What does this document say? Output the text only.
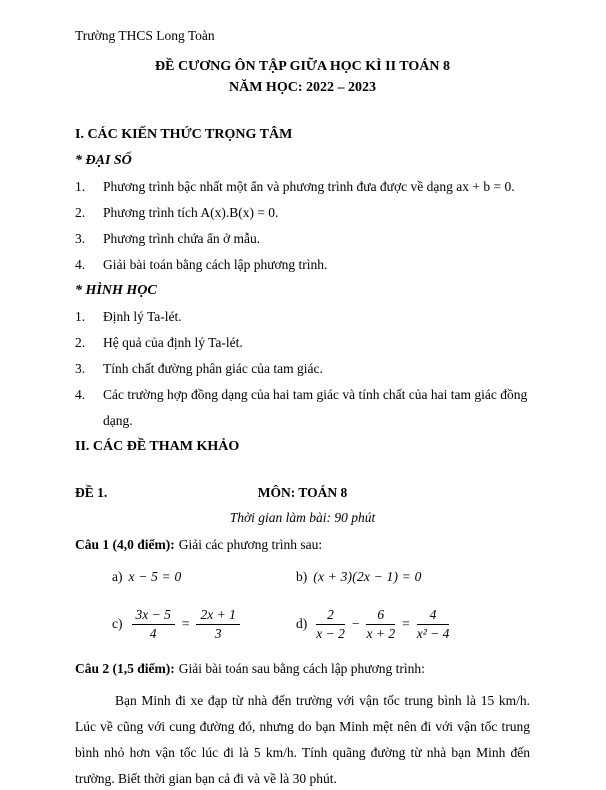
Trường THCS Long Toàn
ĐỀ CƯƠNG ÔN TẬP GIỮA HỌC KÌ II TOÁN 8
NĂM HỌC: 2022 – 2023
I. CÁC KIẾN THỨC TRỌNG TÂM
* ĐẠI SỐ
1.	Phương trình bậc nhất một ẩn và phương trình đưa được về dạng ax + b = 0.
2.	Phương trình tích A(x).B(x) = 0.
3.	Phương trình chứa ẩn ở mẫu.
4.	Giải bài toán bằng cách lập phương trình.
* HÌNH HỌC
1.	Định lý Ta-lét.
2.	Hệ quả của định lý Ta-lét.
3.	Tính chất đường phân giác của tam giác.
4.	Các trường hợp đồng dạng của hai tam giác và tính chất của hai tam giác đồng dạng.
II. CÁC ĐỀ THAM KHẢO
ĐỀ 1.	MÔN: TOÁN 8
Thời gian làm bài: 90 phút
Câu 1 (4,0 điểm): Giải các phương trình sau:
a) x − 5 = 0	b) (x + 3)(2x − 1) = 0
$c) \frac{3x - 5}{4} = \frac{2x + 1}{3}$	$d) \frac{2}{x - 2} - \frac{6}{x + 2} = \frac{4}{\text{x² − 4}}$
Câu 2 (1,5 điểm): Giải bài toán sau bằng cách lập phương trình:
Bạn Minh đi xe đạp từ nhà đến trường với vận tốc trung bình là 15 km/h. Lúc về cũng với cung đường đó, nhưng do bạn Minh mệt nên đi với vận tốc trung bình nhỏ hơn vận tốc lúc đi là 5 km/h. Tính quãng đường từ nhà bạn Minh đến trường. Biết thời gian bạn cả đi và về là 30 phút.
